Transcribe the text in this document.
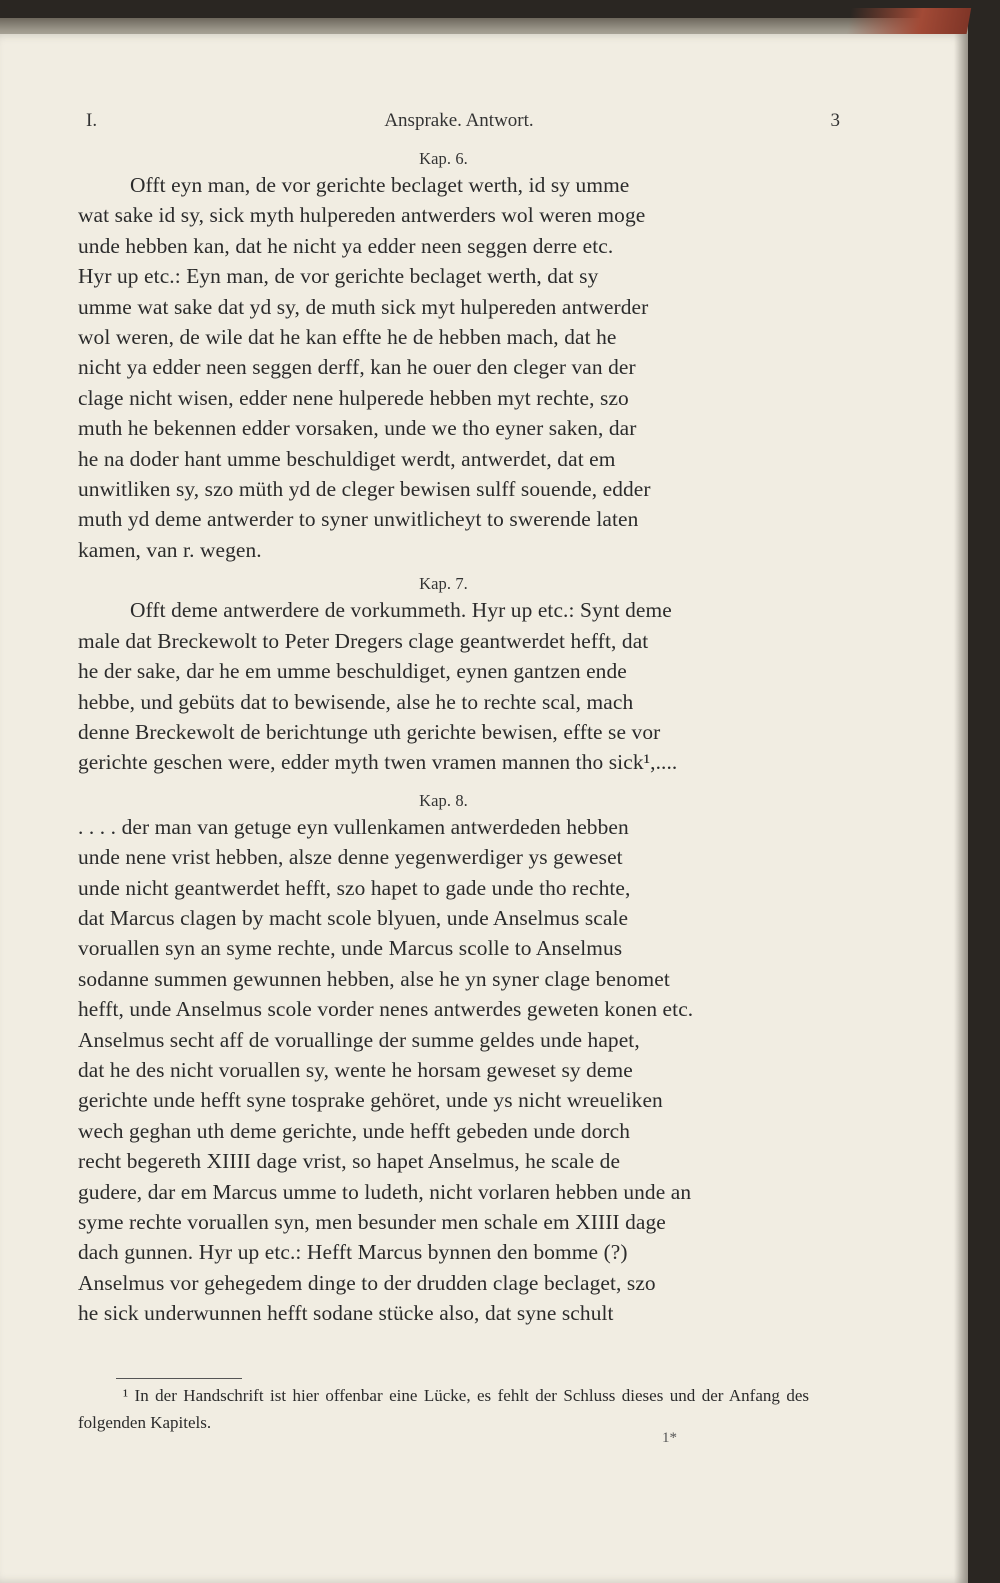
I.	Ansprake. Antwort.	3
Kap. 6.

Offt eyn man, de vor gerichte beclaget werth, id sy umme
wat sake id sy, sick myth hulpereden antwerders wol weren moge
unde hebben kan, dat he nicht ya edder neen seggen derre etc.
Hyr up etc.: Eyn man, de vor gerichte beclaget werth, dat sy
umme wat sake dat yd sy, de muth sick myt hulpereden antwerder
wol weren, de wile dat he kan effte he de hebben mach, dat he
nicht ya edder neen seggen derff, kan he ouer den cleger van der
clage nicht wisen, edder nene hulperede hebben myt rechte, szo
muth he bekennen edder vorsaken, unde we tho eyner saken, dar
he na doder hant umme beschuldiget werdt, antwerdet, dat em
unwitliken sy, szo müth yd de cleger bewisen sulff souende, edder
muth yd deme antwerder to syner unwitlicheyt to swerende laten
kamen, van r. wegen.

Kap. 7.

Offt deme antwerdere de vorkummeth. Hyr up etc.: Synt deme
male dat Breckewolt to Peter Dregers clage geantwerdet hefft, dat
he der sake, dar he em umme beschuldiget, eynen gantzen ende
hebbe, und gebüts dat to bewisende, alse he to rechte scal, mach
denne Breckewolt de berichtunge uth gerichte bewisen, effte se vor
gerichte geschen were, edder myth twen vramen mannen tho sick¹,....

Kap. 8.

. . . . der man van getuge eyn vullenkamen antwerdeden hebben
unde nene vrist hebben, alsze denne yegenwerdiger ys geweset
unde nicht geantwerdet hefft, szo hapet to gade unde tho rechte,
dat Marcus clagen by macht scole blyuen, unde Anselmus scale
voruallen syn an syme rechte, unde Marcus scolle to Anselmus
sodanne summen gewunnen hebben, alse he yn syner clage benomet
hefft, unde Anselmus scole vorder nenes antwerdes geweten konen etc.
Anselmus secht aff de voruallinge der summe geldes unde hapet,
dat he des nicht voruallen sy, wente he horsam geweset sy deme
gerichte unde hefft syne tosprake gehöret, unde ys nicht wreueliken
wech geghan uth deme gerichte, unde hefft gebeden unde dorch
recht begereth XIIII dage vrist, so hapet Anselmus, he scale de
gudere, dar em Marcus umme to ludeth, nicht vorlaren hebben unde an
syme rechte voruallen syn, men besunder men schale em XIIII dage
dach gunnen. Hyr up etc.: Hefft Marcus bynnen den bomme (?)
Anselmus vor gehegedem dinge to der drudden clage beclaget, szo
he sick underwunnen hefft sodane stücke also, dat syne schult

¹ In der Handschrift ist hier offenbar eine Lücke, es fehlt der Schluss dieses und der Anfang des folgenden Kapitels.
1*
